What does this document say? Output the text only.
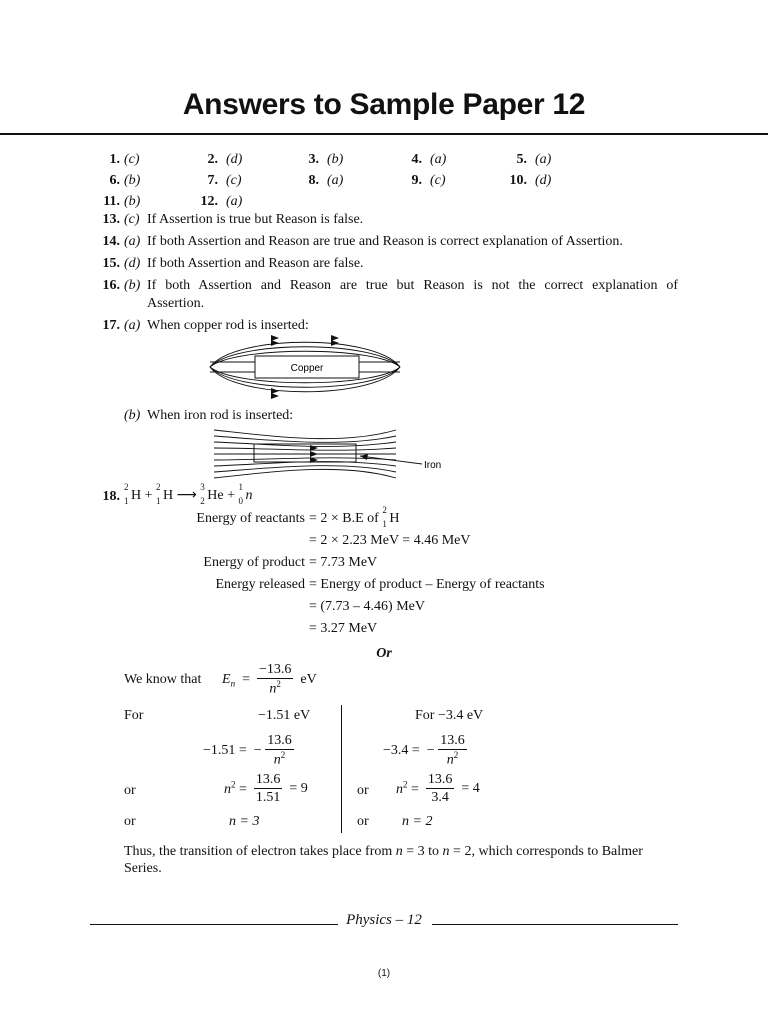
Answers to Sample Paper 12
1. (c)	2. (d)	3. (b)	4. (a)	5. (a)
6. (b)	7. (c)	8. (a)	9. (c)	10. (d)
11. (b)	12. (a)
13. (c) If Assertion is true but Reason is false.
14. (a) If both Assertion and Reason are true and Reason is correct explanation of Assertion.
15. (d) If both Assertion and Reason are false.
16. (b) If both Assertion and Reason are true but Reason is not the correct explanation of
Assertion.
17. (a) When copper rod is inserted:
Copper
(b) When iron rod is inserted:
Iron
18.
2
1 H +
2
1 H ⟶ 3
2 He +
1
0 n
Energy of reactants = 2 × B.E of
2
1 H
= 2 × 2.23 MeV = 4.46 MeV
Energy of product = 7.73 MeV
Energy released = Energy of product – Energy of reactants
= (7.73 – 4.46) MeV
= 3.27 MeV
Or
We know that $E_n = \frac{-13.6}{n^2}$ eV
For	−1.51 eV	For −3.4 eV
−1.51 =  − $\frac{13.6}{n^2}$	−3.4 =  − $\frac{13.6}{n^2}$
or	$n^2 = \frac{13.6}{1.51} = 9$	or $n^2 = \frac{13.6}{3.4} = 4$
or	n = 3	or n = 2
Thus, the transition of electron takes place from n = 3 to n = 2, which corresponds to Balmer
Series.
Physics – 12
(1)
